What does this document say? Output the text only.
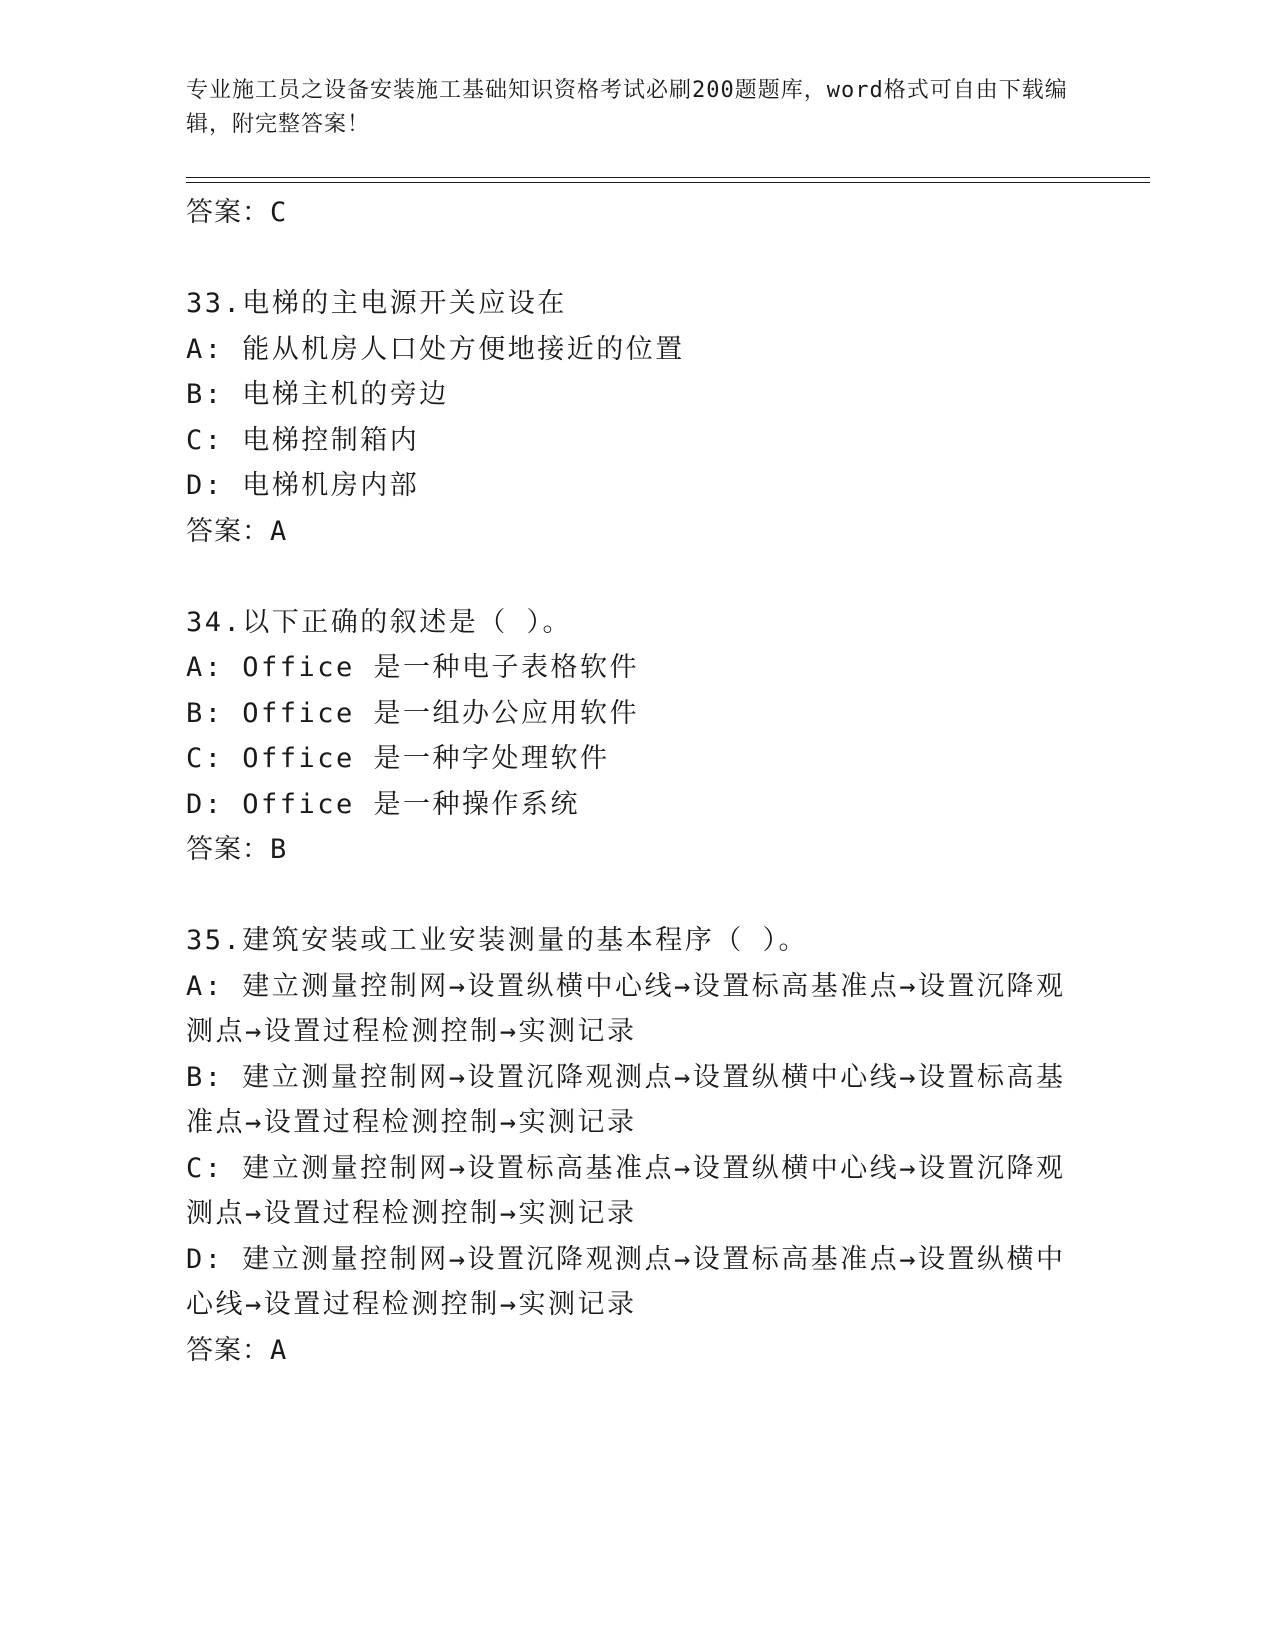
专业施工员之设备安装施工基础知识资格考试必刷200题题库，word格式可自由下载编辑，附完整答案！
答案：C
33.电梯的主电源开关应设在
A: 能从机房人口处方便地接近的位置
B: 电梯主机的旁边
C: 电梯控制箱内
D: 电梯机房内部
答案：A
34.以下正确的叙述是（ ）。
A: Office 是一种电子表格软件
B: Office 是一组办公应用软件
C: Office 是一种字处理软件
D: Office 是一种操作系统
答案：B
35.建筑安装或工业安装测量的基本程序（ ）。
A: 建立测量控制网→设置纵横中心线→设置标高基准点→设置沉降观测点→设置过程检测控制→实测记录
B: 建立测量控制网→设置沉降观测点→设置纵横中心线→设置标高基准点→设置过程检测控制→实测记录
C: 建立测量控制网→设置标高基准点→设置纵横中心线→设置沉降观测点→设置过程检测控制→实测记录
D: 建立测量控制网→设置沉降观测点→设置标高基准点→设置纵横中心线→设置过程检测控制→实测记录
答案：A
